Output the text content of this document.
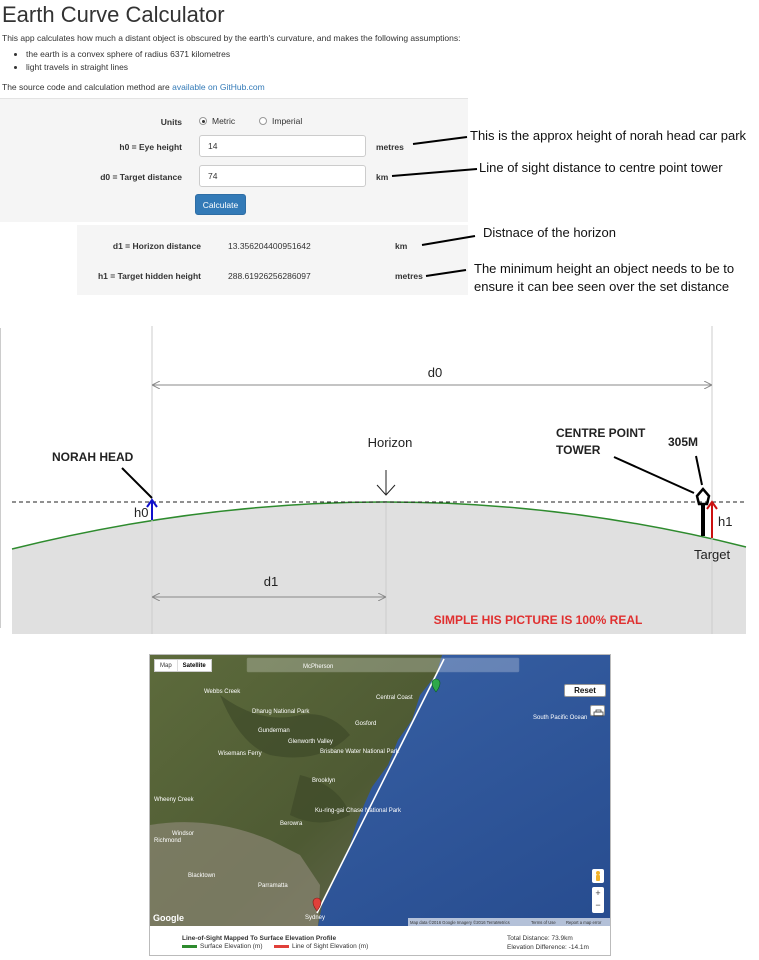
Earth Curve Calculator
This app calculates how much a distant object is obscured by the earth's curvature, and makes the following assumptions:
• the earth is a convex sphere of radius 6371 kilometres
• light travels in straight lines
The source code and calculation method are available on GitHub.com
Units	Metric	Imperial
h0 = Eye height
14	metres
d0 = Target distance
74	km
Calculate
d1 = Horizon distance	13.356204400951642	km
h1 = Target hidden height	288.61926256286097	metres
This is the approx height of norah head car park
Line of sight distance to centre point tower
Distnace of the horizon
The minimum height an object needs to be to
ensure it can bee seen over the set distance
d0
d1
Horizon
h0
NORAH HEAD
h1
Target
CENTRE POINT
TOWER
305M
SIMPLE HIS PICTURE IS 100% REAL
McPherson
Central Coast
Webbs Creek
Dharug National Park
Gunderman
Glenworth Valley
Gosford
Wisemans Ferry
Wheeny Creek
Brisbane Water National Park
Brooklyn
Ku-ring-gai Chase National Park
Berowra
Windsor
Richmond
Blacktown
Parramatta
South Pacific Ocean
Sydney
Google	Map data ©2016 Google Imagery ©2016 TerraMetrics	Terms of Use Report a map error
Map	Satellite
Reset
+
−
Line-of-Sight Mapped To Surface Elevation Profile
Surface Elevation (m)	Line of Sight Elevation (m)
Total Distance: 73.9km
Elevation Difference: -14.1m
